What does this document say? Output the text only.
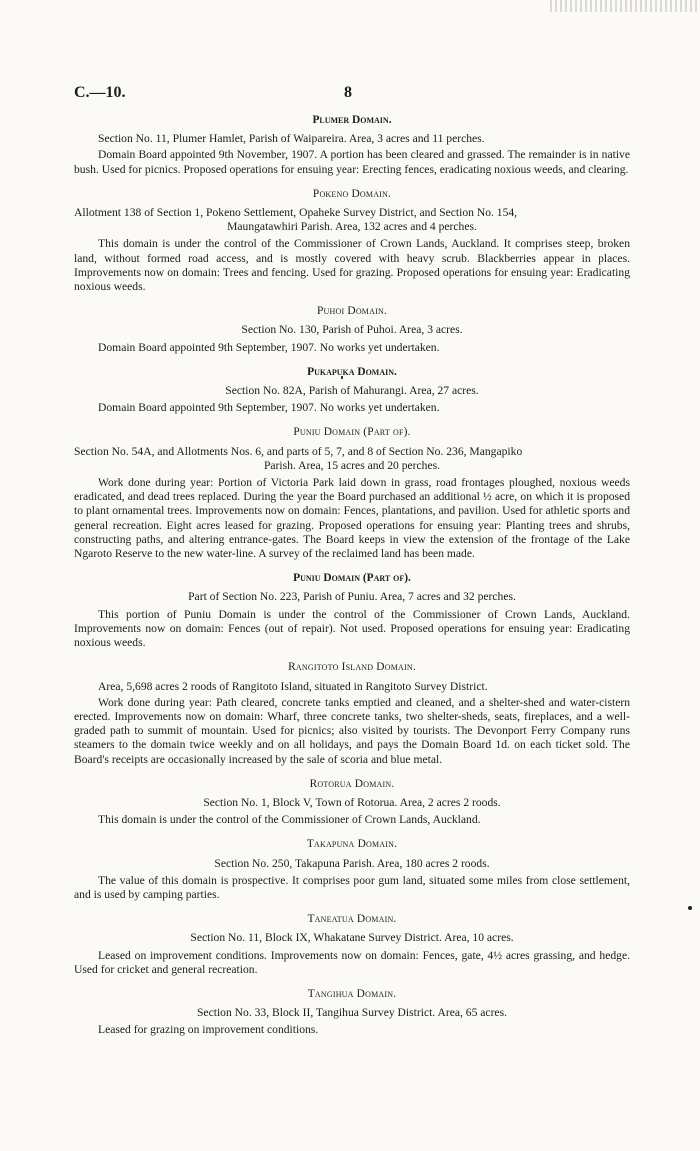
C.—10.	8
Plumer Domain.
Section No. 11, Plumer Hamlet, Parish of Waipareira. Area, 3 acres and 11 perches.
Domain Board appointed 9th November, 1907. A portion has been cleared and grassed. The remainder is in native bush. Used for picnics. Proposed operations for ensuing year: Erecting fences, eradicating noxious weeds, and clearing.
Pokeno Domain.
Allotment 138 of Section 1, Pokeno Settlement, Opaheke Survey District, and Section No. 154,
Maungatawhiri Parish. Area, 132 acres and 4 perches.
This domain is under the control of the Commissioner of Crown Lands, Auckland. It comprises steep, broken land, without formed road access, and is mostly covered with heavy scrub. Blackberries appear in places. Improvements now on domain: Trees and fencing. Used for grazing. Proposed operations for ensuing year: Eradicating noxious weeds.
Puhoi Domain.
Section No. 130, Parish of Puhoi. Area, 3 acres.
Domain Board appointed 9th September, 1907. No works yet undertaken.
Pukapuka Domain.
Section No. 82A, Parish of Mahurangi. Area, 27 acres.
Domain Board appointed 9th September, 1907. No works yet undertaken.
Puniu Domain (Part of).
Section No. 54A, and Allotments Nos. 6, and parts of 5, 7, and 8 of Section No. 236, Mangapiko
Parish. Area, 15 acres and 20 perches.
Work done during year: Portion of Victoria Park laid down in grass, road frontages ploughed, noxious weeds eradicated, and dead trees replaced. During the year the Board purchased an additional ½ acre, on which it is proposed to plant ornamental trees. Improvements now on domain: Fences, plantations, and pavilion. Used for athletic sports and general recreation. Eight acres leased for grazing. Proposed operations for ensuing year: Planting trees and shrubs, constructing paths, and altering entrance-gates. The Board keeps in view the extension of the frontage of the Lake Ngaroto Reserve to the new water-line. A survey of the reclaimed land has been made.
Puniu Domain (Part of).
Part of Section No. 223, Parish of Puniu. Area, 7 acres and 32 perches.
This portion of Puniu Domain is under the control of the Commissioner of Crown Lands, Auckland. Improvements now on domain: Fences (out of repair). Not used. Proposed operations for ensuing year: Eradicating noxious weeds.
Rangitoto Island Domain.
Area, 5,698 acres 2 roods of Rangitoto Island, situated in Rangitoto Survey District.
Work done during year: Path cleared, concrete tanks emptied and cleaned, and a shelter-shed and water-cistern erected. Improvements now on domain: Wharf, three concrete tanks, two shelter-sheds, seats, fireplaces, and a well-graded path to summit of mountain. Used for picnics; also visited by tourists. The Devonport Ferry Company runs steamers to the domain twice weekly and on all holidays, and pays the Domain Board 1d. on each ticket sold. The Board's receipts are occasionally increased by the sale of scoria and blue metal.
Rotorua Domain.
Section No. 1, Block V, Town of Rotorua. Area, 2 acres 2 roods.
This domain is under the control of the Commissioner of Crown Lands, Auckland.
Takapuna Domain.
Section No. 250, Takapuna Parish. Area, 180 acres 2 roods.
The value of this domain is prospective. It comprises poor gum land, situated some miles from close settlement, and is used by camping parties.
Taneatua Domain.
Section No. 11, Block IX, Whakatane Survey District. Area, 10 acres.
Leased on improvement conditions. Improvements now on domain: Fences, gate, 4½ acres grassing, and hedge. Used for cricket and general recreation.
Tangihua Domain.
Section No. 33, Block II, Tangihua Survey District. Area, 65 acres.
Leased for grazing on improvement conditions.
